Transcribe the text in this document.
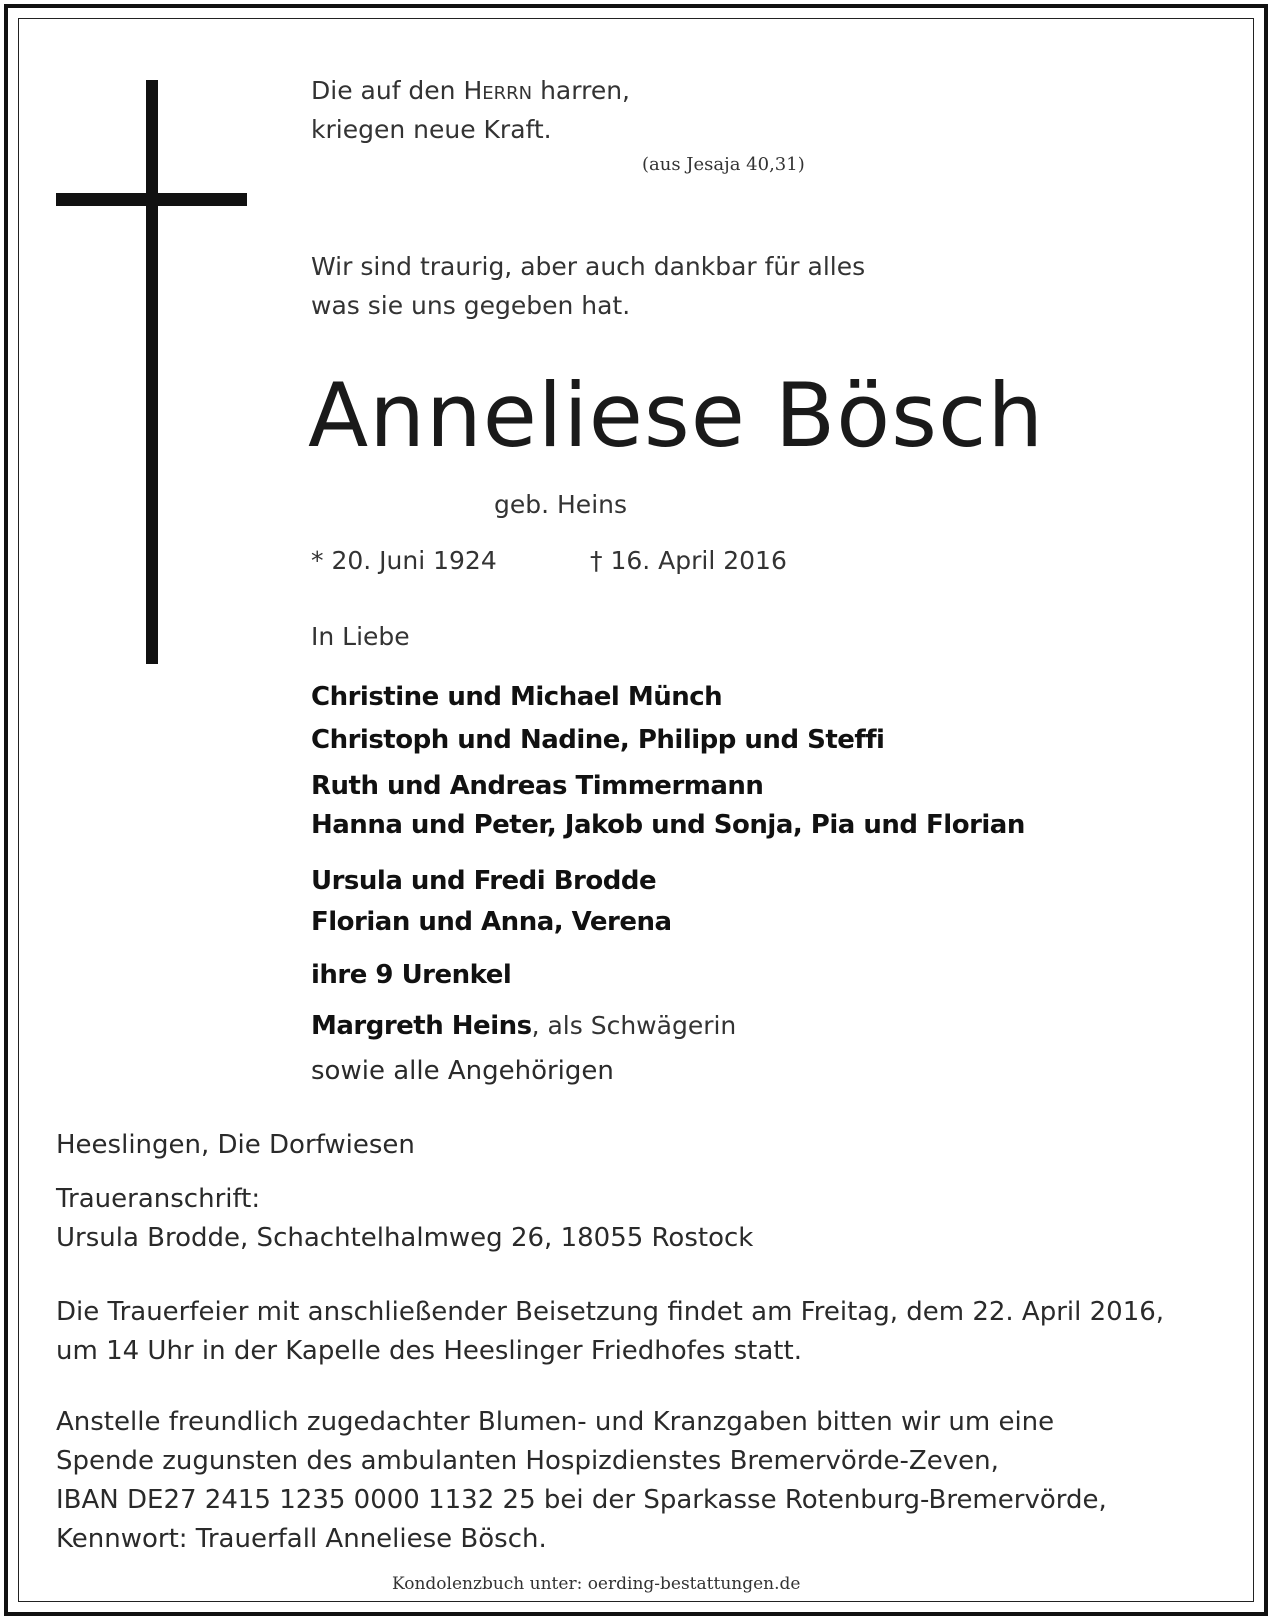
Die auf den Herrn harren,

kriegen neue Kraft.

(aus Jesaja 40,31)

Wir sind traurig, aber auch dankbar für alles

was sie uns gegeben hat.

Anneliese Bösch

geb. Heins

* 20. Juni 1924	† 16. April 2016

In Liebe

Christine und Michael Münch

Christoph und Nadine, Philipp und Steffi

Ruth und Andreas Timmermann

Hanna und Peter, Jakob und Sonja, Pia und Florian

Ursula und Fredi Brodde

Florian und Anna, Verena

ihre 9 Urenkel

Margreth Heins, als Schwägerin

sowie alle Angehörigen

Heeslingen, Die Dorfwiesen

Traueranschrift:

Ursula Brodde, Schachtelhalmweg 26, 18055 Rostock

Die Trauerfeier mit anschließender Beisetzung findet am Freitag, dem 22. April 2016,

um 14 Uhr in der Kapelle des Heeslinger Friedhofes statt.

Anstelle freundlich zugedachter Blumen- und Kranzgaben bitten wir um eine

Spende zugunsten des ambulanten Hospizdienstes Bremervörde-Zeven,

IBAN DE27 2415 1235 0000 1132 25 bei der Sparkasse Rotenburg-Bremervörde,

Kennwort: Trauerfall Anneliese Bösch.

Kondolenzbuch unter: oerding-bestattungen.de
